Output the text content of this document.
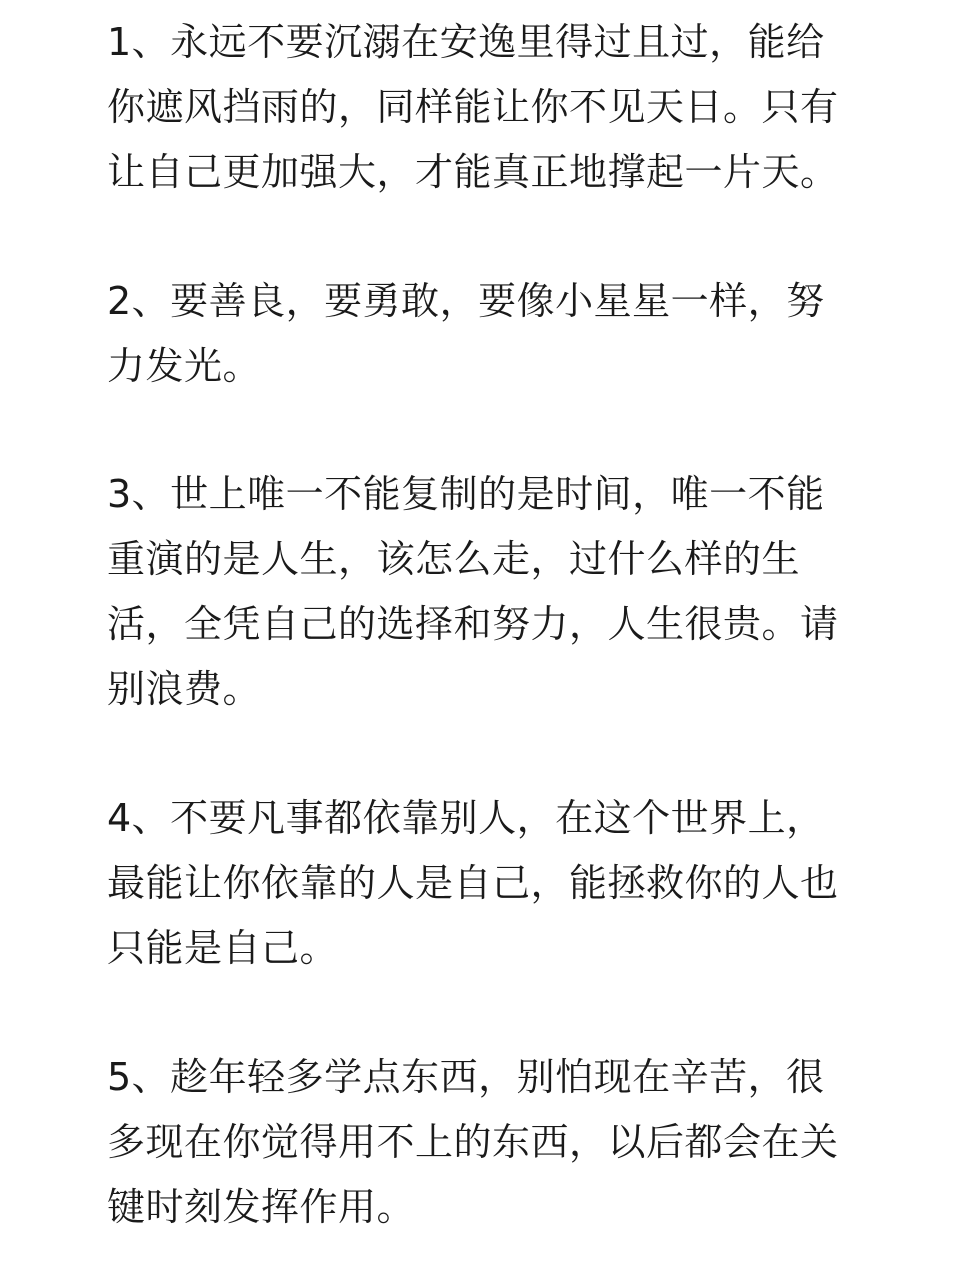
1、永远不要沉溺在安逸里得过且过，能给
你遮风挡雨的，同样能让你不见天日。只有
让自己更加强大，才能真正地撑起一片天。
2、要善良，要勇敢，要像小星星一样，努
力发光。
3、世上唯一不能复制的是时间，唯一不能
重演的是人生，该怎么走，过什么样的生
活，全凭自己的选择和努力，人生很贵。请
别浪费。
4、不要凡事都依靠别人，在这个世界上，
最能让你依靠的人是自己，能拯救你的人也
只能是自己。
5、趁年轻多学点东西，别怕现在辛苦，很
多现在你觉得用不上的东西，以后都会在关
键时刻发挥作用。
